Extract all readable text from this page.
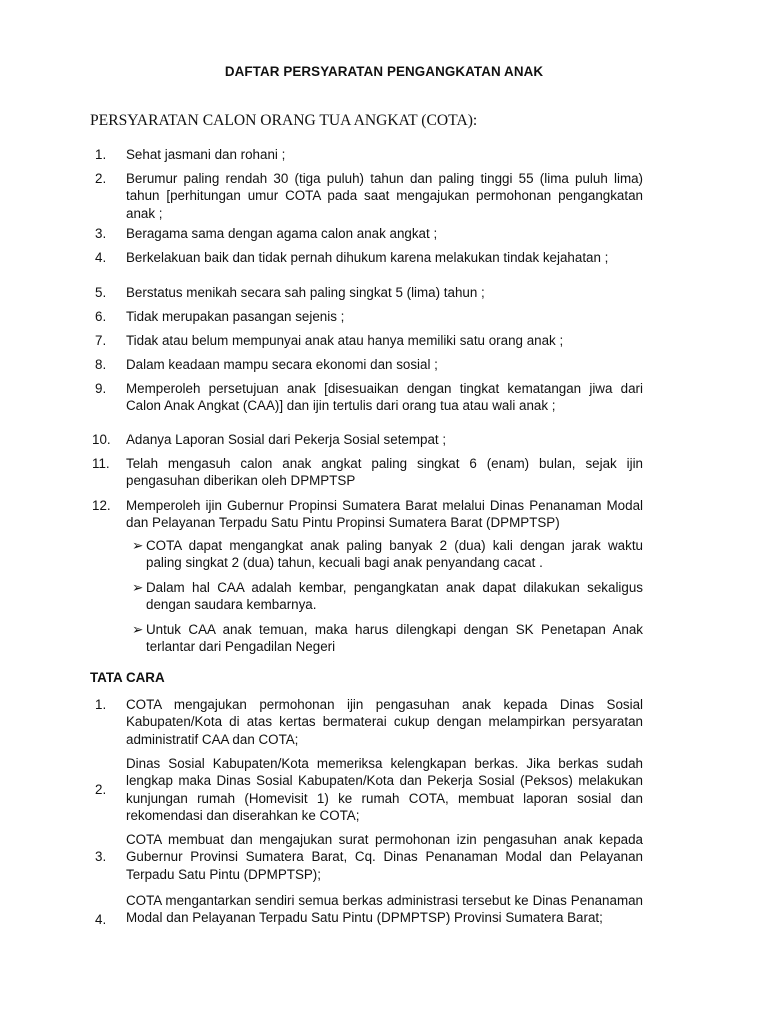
DAFTAR PERSYARATAN PENGANGKATAN ANAK
PERSYARATAN CALON ORANG TUA ANGKAT (COTA):
1.	Sehat jasmani dan rohani ;
2.	Berumur paling rendah 30 (tiga puluh) tahun dan paling tinggi 55 (lima puluh lima) tahun [perhitungan umur COTA pada saat mengajukan permohonan pengangkatan anak ;
3.	Beragama sama dengan agama calon anak angkat ;
4.	Berkelakuan baik dan tidak pernah dihukum karena melakukan tindak kejahatan ;
5.	Berstatus menikah secara sah paling singkat 5 (lima) tahun ;
6.	Tidak merupakan pasangan sejenis ;
7.	Tidak atau belum mempunyai anak atau hanya memiliki satu orang anak ;
8.	Dalam keadaan mampu secara ekonomi dan sosial ;
9.	Memperoleh persetujuan anak [disesuaikan dengan tingkat kematangan jiwa dari Calon Anak Angkat (CAA)] dan ijin tertulis dari orang tua atau wali anak ;
10.	Adanya Laporan Sosial dari Pekerja Sosial setempat ;
11.	Telah mengasuh calon anak angkat paling singkat 6 (enam) bulan, sejak ijin pengasuhan diberikan oleh DPMPTSP
12.	Memperoleh ijin Gubernur Propinsi Sumatera Barat melalui Dinas Penanaman Modal dan Pelayanan Terpadu Satu Pintu Propinsi Sumatera Barat (DPMPTSP)
➢ COTA dapat mengangkat anak paling banyak 2 (dua) kali dengan jarak waktu paling singkat 2 (dua) tahun, kecuali bagi anak penyandang cacat .
➢ Dalam hal CAA adalah kembar, pengangkatan anak dapat dilakukan sekaligus dengan saudara kembarnya.
➢ Untuk CAA anak temuan, maka harus dilengkapi dengan SK Penetapan Anak terlantar dari Pengadilan Negeri
TATA CARA
1.	COTA mengajukan permohonan ijin pengasuhan anak kepada Dinas Sosial Kabupaten/Kota di atas kertas bermaterai cukup dengan melampirkan persyaratan administratif CAA dan COTA;
2.
Dinas Sosial Kabupaten/Kota memeriksa kelengkapan berkas. Jika berkas sudah lengkap maka Dinas Sosial Kabupaten/Kota dan Pekerja Sosial (Peksos) melakukan kunjungan rumah (Homevisit 1) ke rumah COTA, membuat laporan sosial dan rekomendasi dan diserahkan ke COTA;
3.
COTA membuat dan mengajukan surat permohonan izin pengasuhan anak kepada Gubernur Provinsi Sumatera Barat, Cq. Dinas Penanaman Modal dan Pelayanan Terpadu Satu Pintu (DPMPTSP);
4.
COTA mengantarkan sendiri semua berkas administrasi tersebut ke Dinas Penanaman Modal dan Pelayanan Terpadu Satu Pintu (DPMPTSP) Provinsi Sumatera Barat;
